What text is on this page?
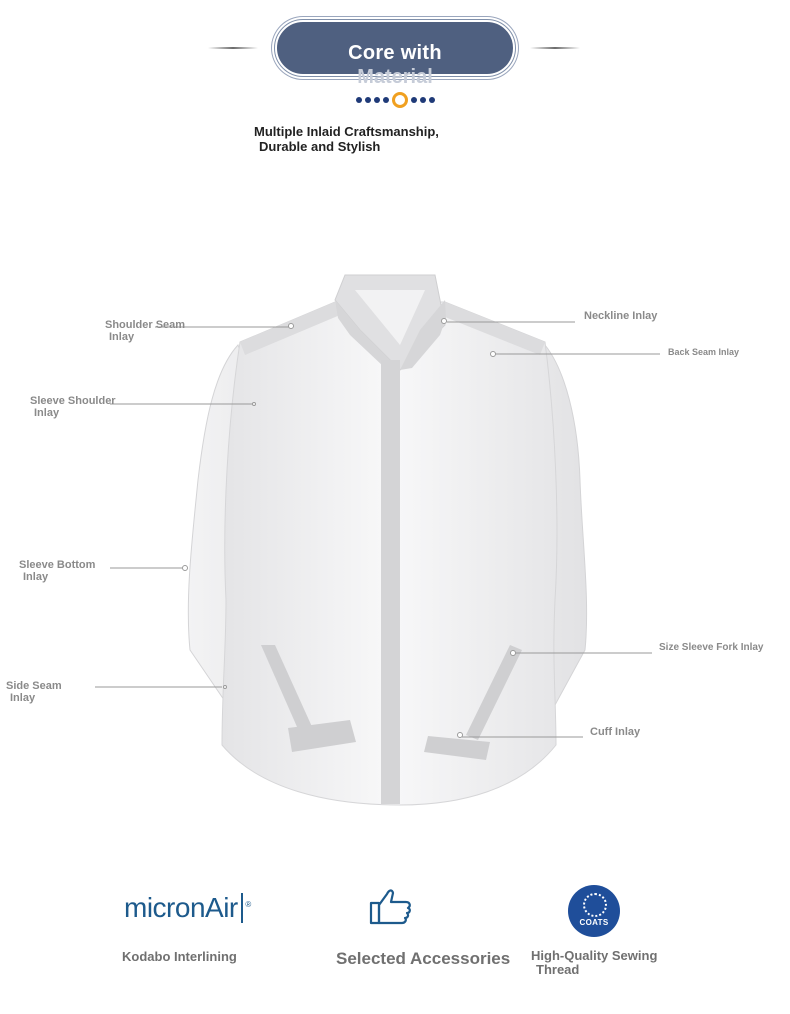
Core with
Material
Multiple Inlaid Craftsmanship,
Durable and Stylish
Shoulder Seam
Inlay
Sleeve Shoulder
Inlay
Sleeve Bottom
Inlay
Side Seam
Inlay
Neckline Inlay
Back Seam Inlay
Size Sleeve Fork Inlay
Cuff Inlay
micronAir ®
Kodabo Interlining	Selected Accessories
COATS
High-Quality Sewing
Thread
